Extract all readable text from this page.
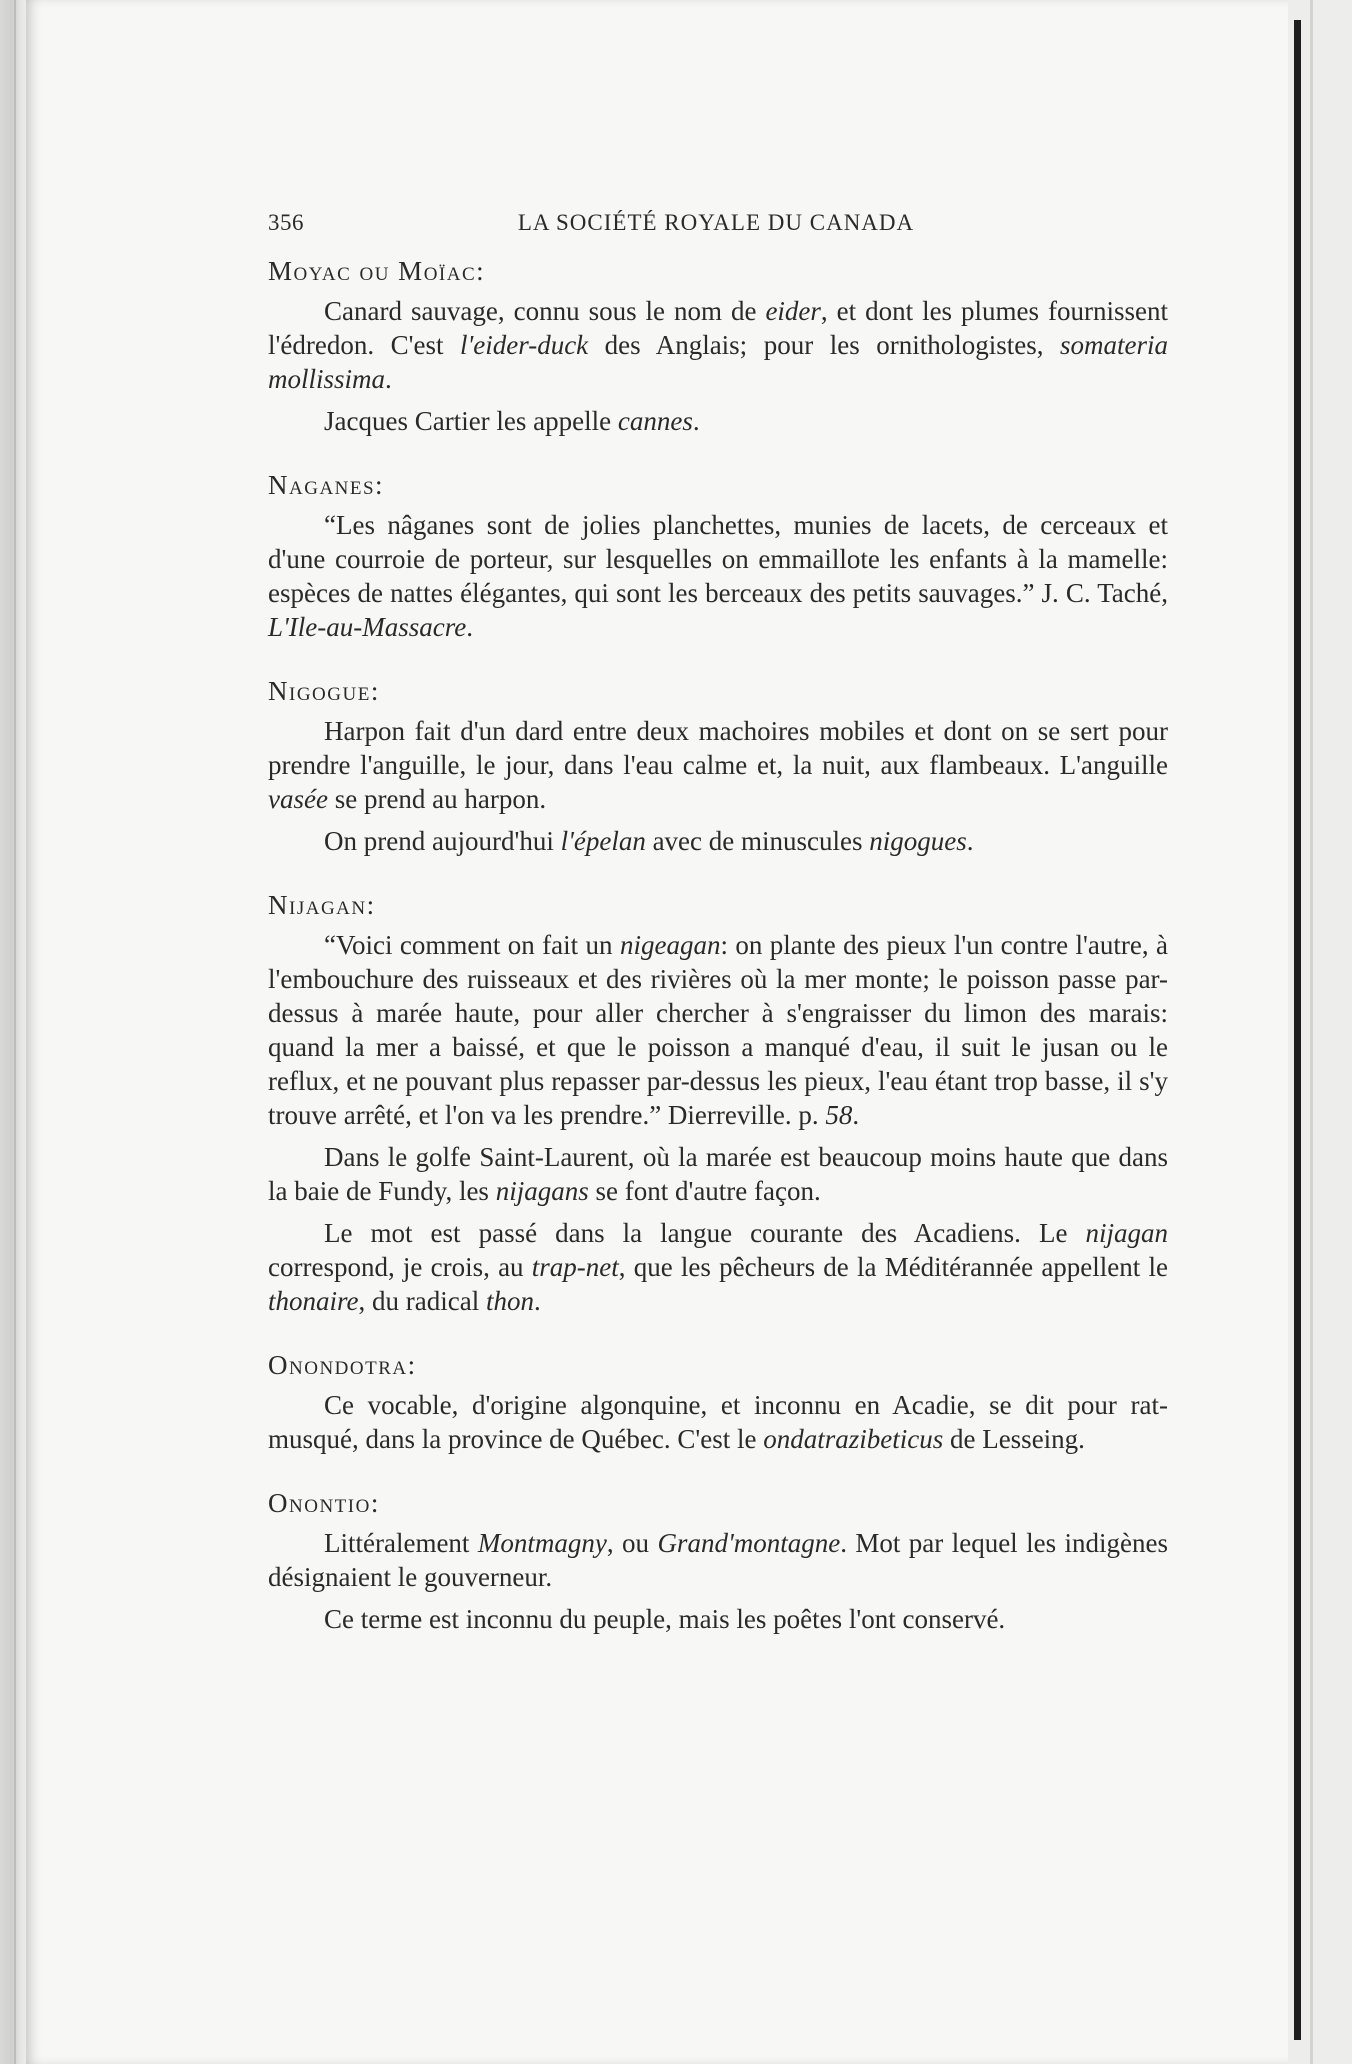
356	LA SOCIÉTÉ ROYALE DU CANADA
Moyac ou Moïac:

Canard sauvage, connu sous le nom de eider, et dont les plumes fournissent l'édredon. C'est l'eider-duck des Anglais; pour les ornithologistes, somateria mollissima.

Jacques Cartier les appelle cannes.

Naganes:

“Les nâganes sont de jolies planchettes, munies de lacets, de cerceaux et d'une courroie de porteur, sur lesquelles on emmaillote les enfants à la mamelle: espèces de nattes élégantes, qui sont les berceaux des petits sauvages.” J. C. Taché, L'Ile-au-Massacre.

Nigogue:

Harpon fait d'un dard entre deux machoires mobiles et dont on se sert pour prendre l'anguille, le jour, dans l'eau calme et, la nuit, aux flambeaux. L'anguille vasée se prend au harpon.

On prend aujourd'hui l'épelan avec de minuscules nigogues.

Nijagan:

“Voici comment on fait un nigeagan: on plante des pieux l'un contre l'autre, à l'embouchure des ruisseaux et des rivières où la mer monte; le poisson passe par-dessus à marée haute, pour aller chercher à s'engraisser du limon des marais: quand la mer a baissé, et que le poisson a manqué d'eau, il suit le jusan ou le reflux, et ne pouvant plus repasser par-dessus les pieux, l'eau étant trop basse, il s'y trouve arrêté, et l'on va les prendre.” Dierreville. p. 58.

Dans le golfe Saint-Laurent, où la marée est beaucoup moins haute que dans la baie de Fundy, les nijagans se font d'autre façon.

Le mot est passé dans la langue courante des Acadiens. Le nijagan correspond, je crois, au trap-net, que les pêcheurs de la Méditérannée appellent le thonaire, du radical thon.

Onondotra:

Ce vocable, d'origine algonquine, et inconnu en Acadie, se dit pour rat-musqué, dans la province de Québec. C'est le ondatrazibeticus de Lesseing.

Onontio:

Littéralement Montmagny, ou Grand'montagne. Mot par lequel les indigènes désignaient le gouverneur.

Ce terme est inconnu du peuple, mais les poêtes l'ont conservé.
